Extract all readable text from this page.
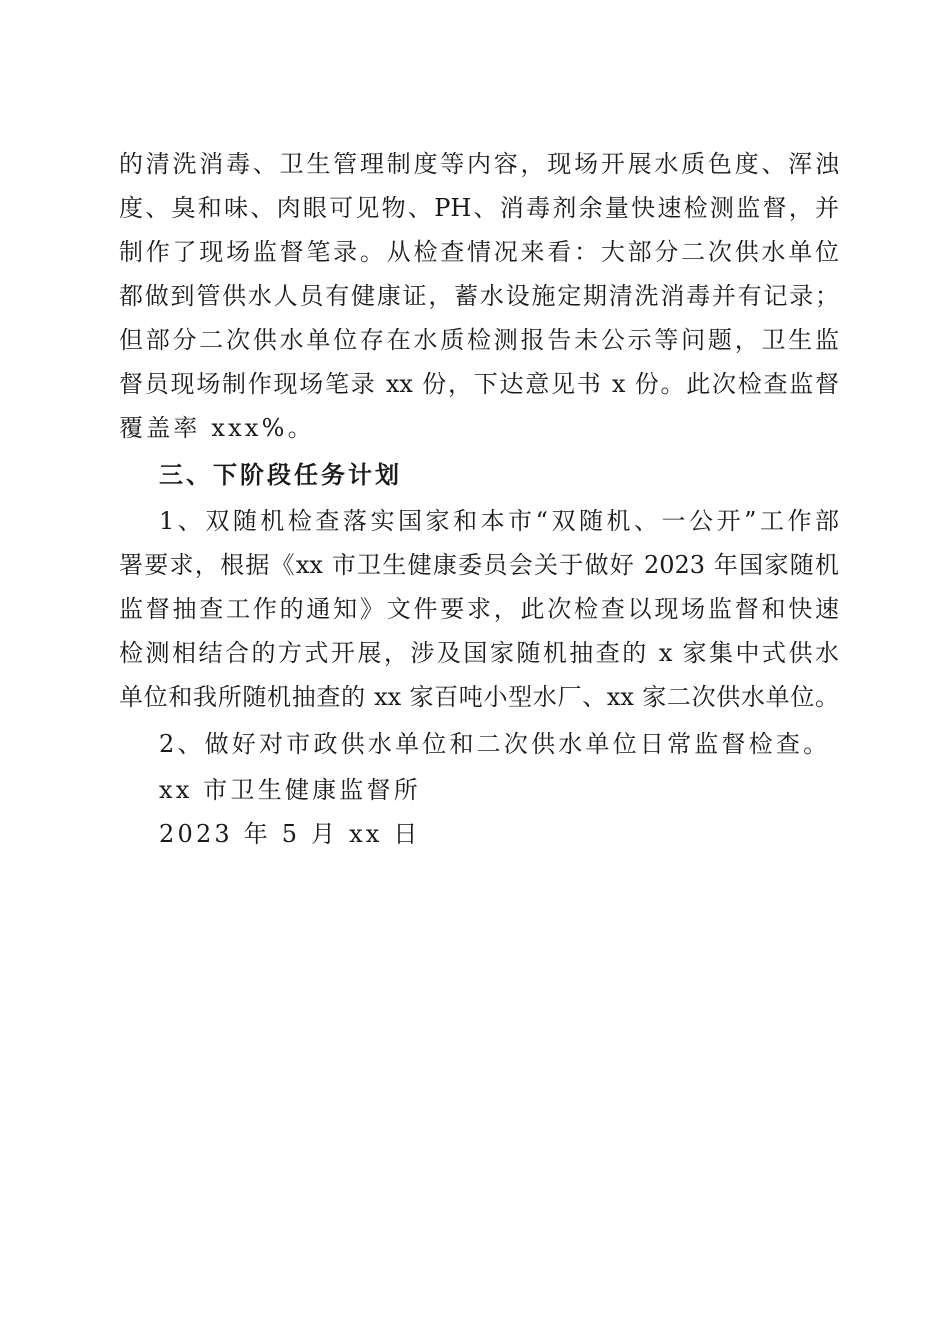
的清洗消毒、卫生管理制度等内容，现场开展水质色度、浑浊
度、臭和味、肉眼可见物、PH、消毒剂余量快速检测监督，并
制作了现场监督笔录。从检查情况来看：大部分二次供水单位
都做到管供水人员有健康证，蓄水设施定期清洗消毒并有记录；
但部分二次供水单位存在水质检测报告未公示等问题，卫生监
督员现场制作现场笔录 xx 份，下达意见书 x 份。此次检查监督
覆盖率 xxx%。
三、下阶段任务计划
1、双随机检查落实国家和本市“双随机、一公开”工作部
署要求，根据《xx 市卫生健康委员会关于做好 2023 年国家随机
监督抽查工作的通知》文件要求，此次检查以现场监督和快速
检测相结合的方式开展，涉及国家随机抽查的 x 家集中式供水
单位和我所随机抽查的 xx 家百吨小型水厂、xx 家二次供水单位。
2、做好对市政供水单位和二次供水单位日常监督检查。
xx 市卫生健康监督所
2023 年 5 月 xx 日
